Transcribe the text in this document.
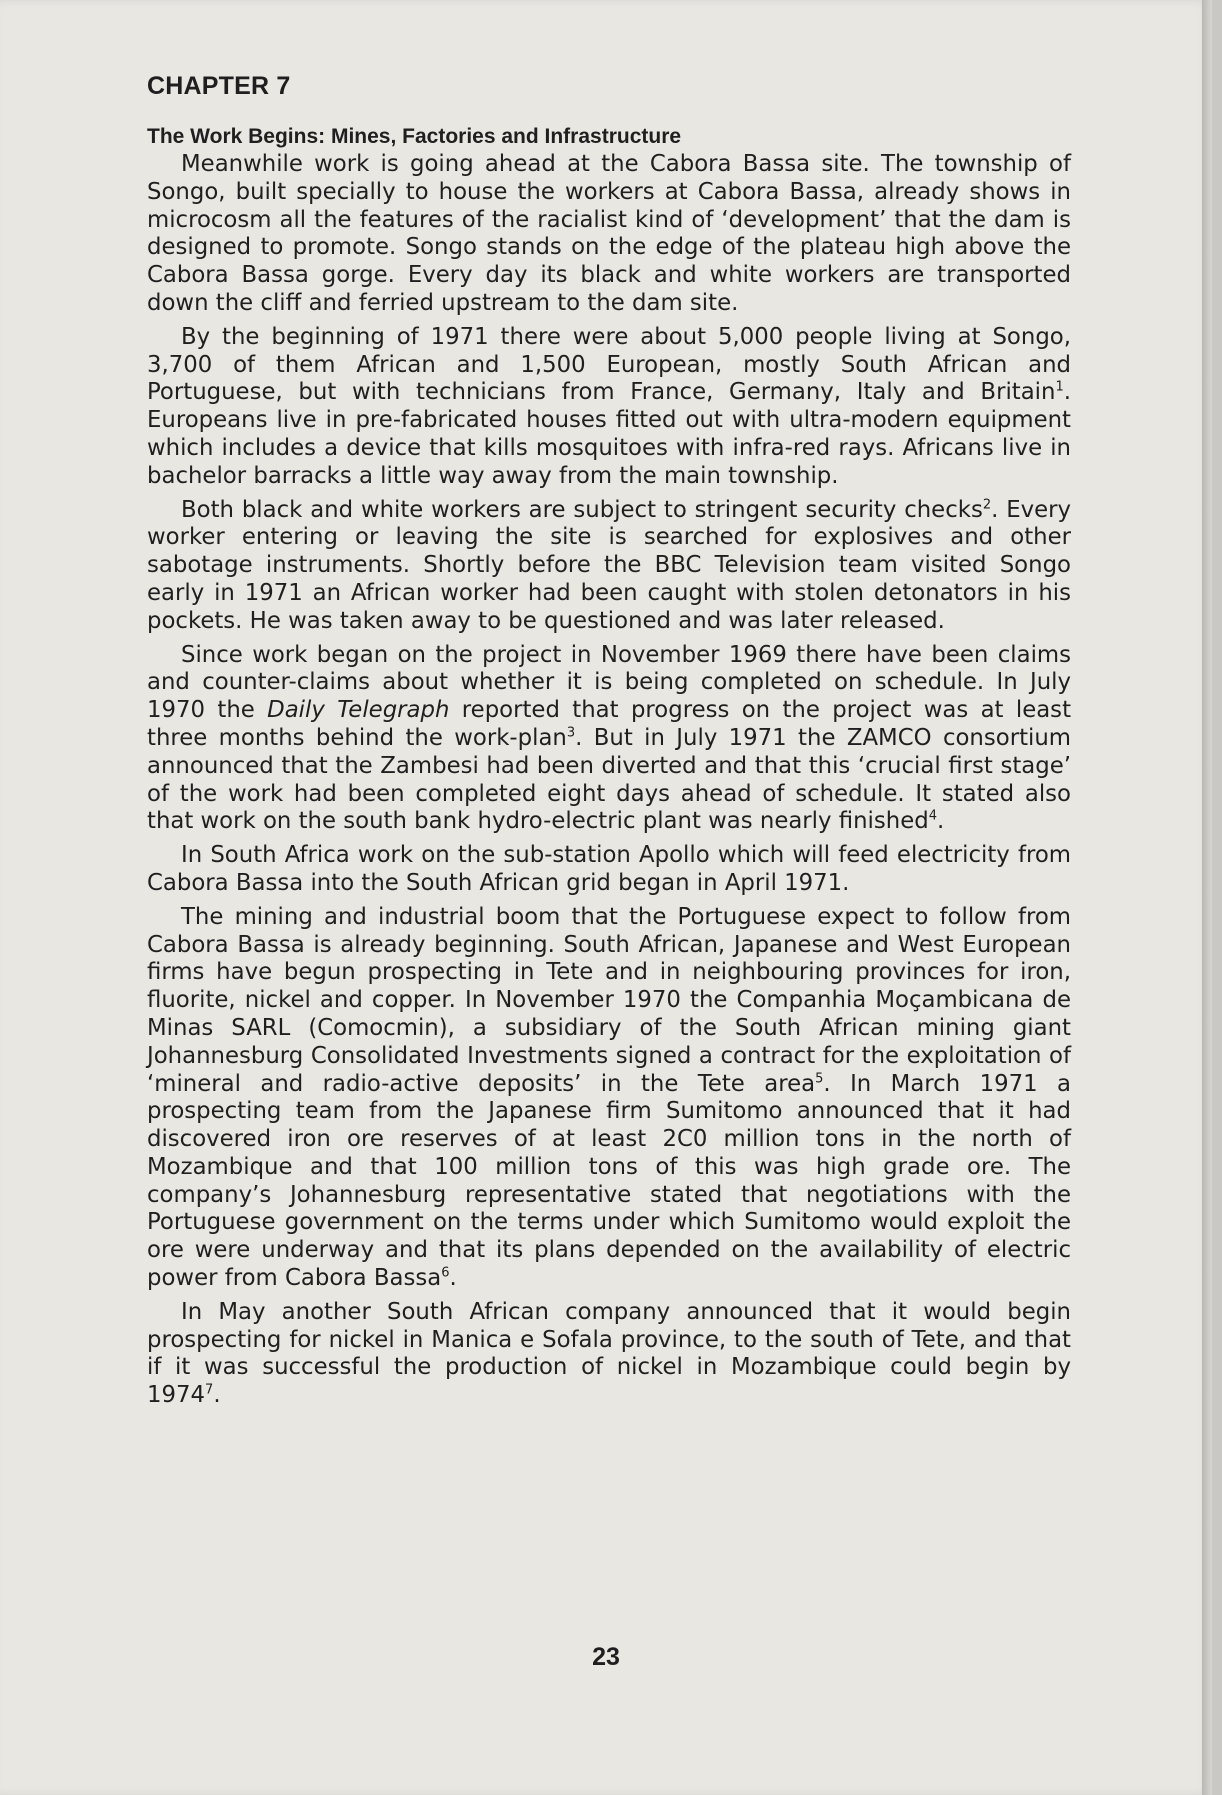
CHAPTER 7
The Work Begins: Mines, Factories and Infrastructure

Meanwhile work is going ahead at the Cabora Bassa site. The township of Songo, built specially to house the workers at Cabora Bassa, already shows in microcosm all the features of the racialist kind of ‘development’ that the dam is designed to promote. Songo stands on the edge of the plateau high above the Cabora Bassa gorge. Every day its black and white workers are transported down the cliff and ferried upstream to the dam site.

By the beginning of 1971 there were about 5,000 people living at Songo, 3,700 of them African and 1,500 European, mostly South African and Portuguese, but with technicians from France, Germany, Italy and Britain$^1$. Europeans live in pre-fabricated houses fitted out with ultra-modern equipment which includes a device that kills mosquitoes with infra-red rays. Africans live in bachelor barracks a little way away from the main township.

Both black and white workers are subject to stringent security checks$^2$. Every worker entering or leaving the site is searched for explosives and other sabotage instruments. Shortly before the BBC Television team visited Songo early in 1971 an African worker had been caught with stolen detonators in his pockets. He was taken away to be questioned and was later released.

Since work began on the project in November 1969 there have been claims and counter-claims about whether it is being completed on schedule. In July 1970 the Daily Telegraph reported that progress on the project was at least three months behind the work-plan$^3$. But in July 1971 the ZAMCO consortium announced that the Zambesi had been diverted and that this ‘crucial first stage’ of the work had been completed eight days ahead of schedule. It stated also that work on the south bank hydro-electric plant was nearly finished$^4$.

In South Africa work on the sub-station Apollo which will feed electricity from Cabora Bassa into the South African grid began in April 1971.

The mining and industrial boom that the Portuguese expect to follow from Cabora Bassa is already beginning. South African, Japanese and West European firms have begun prospecting in Tete and in neighbouring provinces for iron, fluorite, nickel and copper. In November 1970 the Companhia Moçambicana de Minas SARL (Comocmin), a subsidiary of the South African mining giant Johannesburg Consolidated Investments signed a contract for the exploitation of ‘mineral and radio-active deposits’ in the Tete area$^5$. In March 1971 a prospecting team from the Japanese firm Sumitomo announced that it had discovered iron ore reserves of at least 2C0 million tons in the north of Mozambique and that 100 million tons of this was high grade ore. The company’s Johannesburg representative stated that negotiations with the Portuguese government on the terms under which Sumitomo would exploit the ore were underway and that its plans depended on the availability of electric power from Cabora Bassa$^6$.

In May another South African company announced that it would begin prospecting for nickel in Manica e Sofala province, to the south of Tete, and that if it was successful the production of nickel in Mozambique could begin by 1974$^7$.

23
